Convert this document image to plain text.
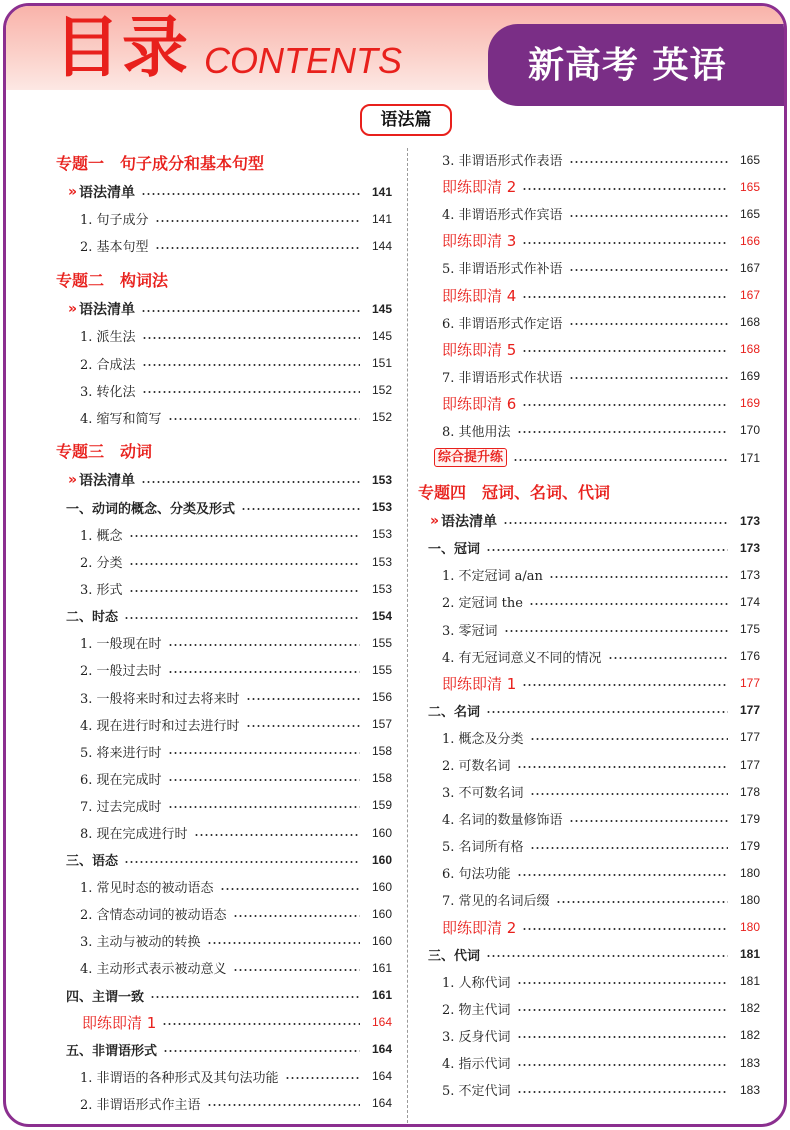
目录 CONTENTS	新高考 英语
语法篇
专题一　句子成分和基本句型
» 语法清单	141
1. 句子成分	141
2. 基本句型	144
专题二　构词法
» 语法清单	145
1. 派生法	145
2. 合成法	151
3. 转化法	152
4. 缩写和简写	152
专题三　动词
» 语法清单	153
一、动词的概念、分类及形式	153
1. 概念	153
2. 分类	153
3. 形式	153
二、时态	154
1. 一般现在时	155
2. 一般过去时	155
3. 一般将来时和过去将来时	156
4. 现在进行时和过去进行时	157
5. 将来进行时	158
6. 现在完成时	158
7. 过去完成时	159
8. 现在完成进行时	160
三、语态	160
1. 常见时态的被动语态	160
2. 含情态动词的被动语态	160
3. 主动与被动的转换	160
4. 主动形式表示被动意义	161
四、主谓一致	161
即练即清 1	164
五、非谓语形式	164
1. 非谓语的各种形式及其句法功能	164
2. 非谓语形式作主语	164
3. 非谓语形式作表语	165
即练即清 2	165
4. 非谓语形式作宾语	165
即练即清 3	166
5. 非谓语形式作补语	167
即练即清 4	167
6. 非谓语形式作定语	168
即练即清 5	168
7. 非谓语形式作状语	169
即练即清 6	169
8. 其他用法	170
综合提升练	171
专题四　冠词、名词、代词
» 语法清单	173
一、冠词	173
1. 不定冠词 a/an	173
2. 定冠词 the	174
3. 零冠词	175
4. 有无冠词意义不同的情况	176
即练即清 1	177
二、名词	177
1. 概念及分类	177
2. 可数名词	177
3. 不可数名词	178
4. 名词的数量修饰语	179
5. 名词所有格	179
6. 句法功能	180
7. 常见的名词后缀	180
即练即清 2	180
三、代词	181
1. 人称代词	181
2. 物主代词	182
3. 反身代词	182
4. 指示代词	183
5. 不定代词	183
